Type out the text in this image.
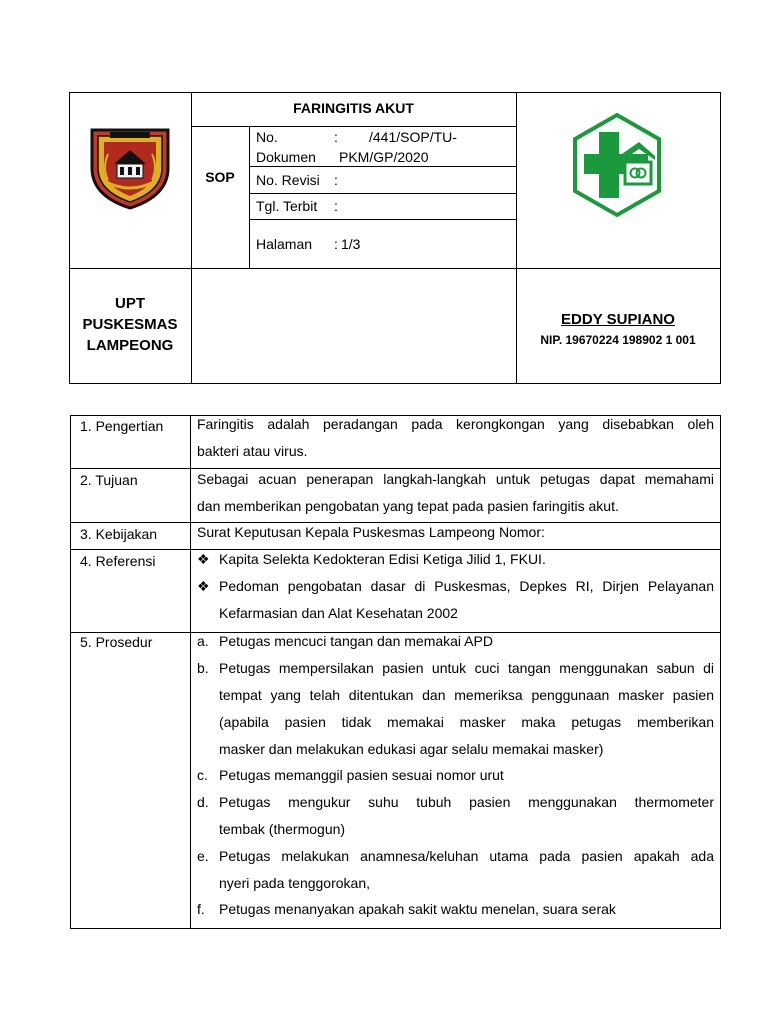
FARINGITIS AKUT
SOP
No.
Dokumen
: /441/SOP/TU-
PKM/GP/2020
No. Revisi :
Tgl. Terbit :
Halaman : 1/3
UPT
PUSKESMAS
LAMPEONG
EDDY SUPIANO
NIP. 19670224 198902 1 001
1. Pengertian
2. Tujuan
3. Kebijakan
4. Referensi
5. Prosedur
Faringitis adalah peradangan pada kerongkongan yang disebabkan oleh
bakteri atau virus.
Sebagai acuan penerapan langkah-langkah untuk petugas dapat memahami
dan memberikan pengobatan yang tepat pada pasien faringitis akut.
Surat Keputusan Kepala Puskesmas Lampeong Nomor:
❖ Kapita Selekta Kedokteran Edisi Ketiga Jilid 1, FKUI.
❖ Pedoman pengobatan dasar di Puskesmas, Depkes RI, Dirjen Pelayanan
Kefarmasian dan Alat Kesehatan 2002
a. Petugas mencuci tangan dan memakai APD
b. Petugas mempersilakan pasien untuk cuci tangan menggunakan sabun di
tempat yang telah ditentukan dan memeriksa penggunaan masker pasien
(apabila pasien tidak memakai masker maka petugas memberikan
masker dan melakukan edukasi agar selalu memakai masker)
c. Petugas memanggil pasien sesuai nomor urut
d. Petugas mengukur suhu tubuh pasien menggunakan thermometer
tembak (thermogun)
e. Petugas melakukan anamnesa/keluhan utama pada pasien apakah ada
nyeri pada tenggorokan,
f. Petugas menanyakan apakah sakit waktu menelan, suara serak
